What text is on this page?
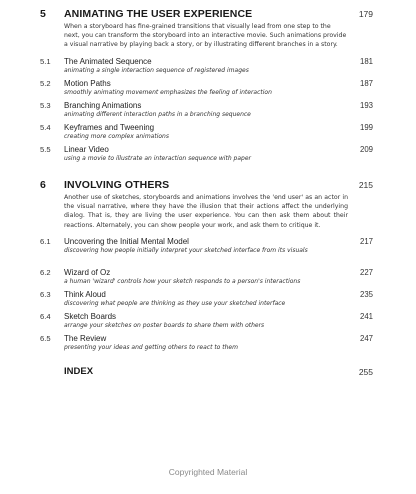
5 ANIMATING THE USER EXPERIENCE	179
When a storyboard has fine-grained transitions that visually lead from one step to the next, you can transform the storyboard into an interactive movie. Such animations provide a visual narrative by playing back a story, or by illustrating different branches in a story.
5.1 The Animated Sequence	181
animating a single interaction sequence of registered images
5.2 Motion Paths	187
smoothly animating movement emphasizes the feeling of interaction
5.3 Branching Animations	193
animating different interaction paths in a branching sequence
5.4 Keyframes and Tweening	199
creating more complex animations
5.5 Linear Video	209
using a movie to illustrate an interaction sequence with paper
6 INVOLVING OTHERS	215
Another use of sketches, storyboards and animations involves the 'end user' as an actor in the visual narrative, where they have the illusion that their actions affect the underlying dialog. That is, they are living the user experience. You can then ask them about their reactions. Alternately, you can show people your work, and ask them to critique it.
6.1 Uncovering the Initial Mental Model	217
discovering how people initially interpret your sketched interface from its visuals
6.2 Wizard of Oz	227
a human 'wizard' controls how your sketch responds to a person's interactions
6.3 Think Aloud	235
discovering what people are thinking as they use your sketched interface
6.4 Sketch Boards	241
arrange your sketches on poster boards to share them with others
6.5 The Review	247
presenting your ideas and getting others to react to them
INDEX	255
Copyrighted Material
